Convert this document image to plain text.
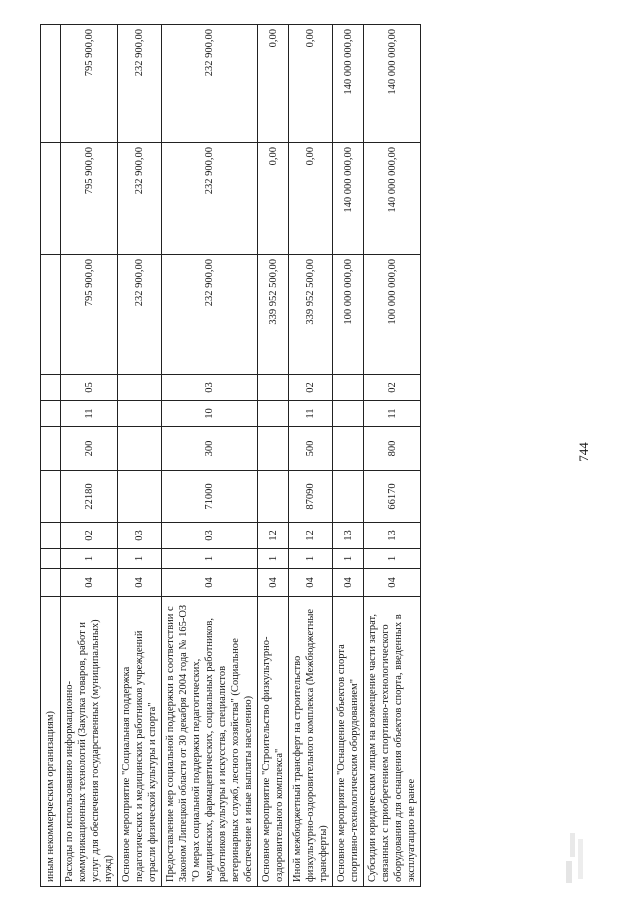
иным некоммерческим организациям)										
Расходы по использованию информационно-коммуникационных технологий (Закупка товаров, работ и услуг для обеспечения государственных (муниципальных) нужд)	04	1	02	22180	200	11	05	795 900,00	795 900,00	795 900,00
Основное мероприятие "Социальная поддержка педагогических и медицинских работников учреждений отрасли физической культуры и спорта"	04	1	03					232 900,00	232 900,00	232 900,00
Предоставление мер социальной поддержки в соответствии с Законом Липецкой области от 30 декабря 2004 года № 165-ОЗ "О мерах социальной поддержки педагогических, медицинских, фармацевтических, социальных работников, работников культуры и искусства, специалистов ветеринарных служб, лесного хозяйства" (Социальное обеспечение и иные выплаты населению)	04	1	03	71000	300	10	03	232 900,00	232 900,00	232 900,00
Основное мероприятие "Строительство физкультурно-оздоровительного комплекса"	04	1	12					339 952 500,00	0,00	0,00
Иной межбюджетный трансферт на строительство физкультурно-оздоровительного комплекса (Межбюджетные трансферты)	04	1	12	87090	500	11	02	339 952 500,00	0,00	0,00
Основное мероприятие "Оснащение объектов спорта спортивно-технологическим оборудованием"	04	1	13					100 000 000,00	140 000 000,00	140 000 000,00
Субсидии юридическим лицам на возмещение части затрат, связанных с приобретением спортивно-технологического оборудования для оснащения объектов спорта, введенных в эксплуатацию не ранее	04	1	13	66170	800	11	02	100 000 000,00	140 000 000,00	140 000 000,00
744
